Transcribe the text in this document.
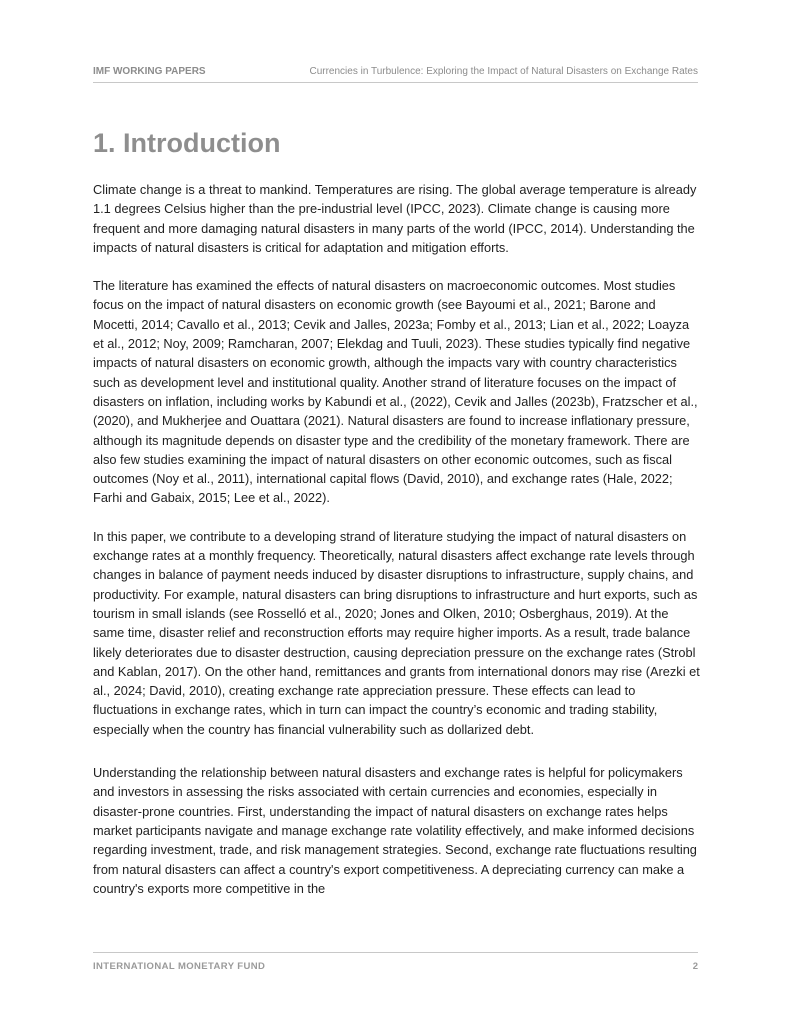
IMF WORKING PAPERS	Currencies in Turbulence: Exploring the Impact of Natural Disasters on Exchange Rates
1. Introduction

Climate change is a threat to mankind. Temperatures are rising. The global average temperature is already 1.1 degrees Celsius higher than the pre-industrial level (IPCC, 2023). Climate change is causing more frequent and more damaging natural disasters in many parts of the world (IPCC, 2014). Understanding the impacts of natural disasters is critical for adaptation and mitigation efforts.

The literature has examined the effects of natural disasters on macroeconomic outcomes. Most studies focus on the impact of natural disasters on economic growth (see Bayoumi et al., 2021; Barone and Mocetti, 2014; Cavallo et al., 2013; Cevik and Jalles, 2023a; Fomby et al., 2013; Lian et al., 2022; Loayza et al., 2012; Noy, 2009; Ramcharan, 2007; Elekdag and Tuuli, 2023). These studies typically find negative impacts of natural disasters on economic growth, although the impacts vary with country characteristics such as development level and institutional quality. Another strand of literature focuses on the impact of disasters on inflation, including works by Kabundi et al., (2022), Cevik and Jalles (2023b), Fratzscher et al., (2020), and Mukherjee and Ouattara (2021). Natural disasters are found to increase inflationary pressure, although its magnitude depends on disaster type and the credibility of the monetary framework. There are also few studies examining the impact of natural disasters on other economic outcomes, such as fiscal outcomes (Noy et al., 2011), international capital flows (David, 2010), and exchange rates (Hale, 2022; Farhi and Gabaix, 2015; Lee et al., 2022).

In this paper, we contribute to a developing strand of literature studying the impact of natural disasters on exchange rates at a monthly frequency. Theoretically, natural disasters affect exchange rate levels through changes in balance of payment needs induced by disaster disruptions to infrastructure, supply chains, and productivity. For example, natural disasters can bring disruptions to infrastructure and hurt exports, such as tourism in small islands (see Rosselló et al., 2020; Jones and Olken, 2010; Osberghaus, 2019). At the same time, disaster relief and reconstruction efforts may require higher imports. As a result, trade balance likely deteriorates due to disaster destruction, causing depreciation pressure on the exchange rates (Strobl and Kablan, 2017). On the other hand, remittances and grants from international donors may rise (Arezki et al., 2024; David, 2010), creating exchange rate appreciation pressure. These effects can lead to fluctuations in exchange rates, which in turn can impact the country’s economic and trading stability, especially when the country has financial vulnerability such as dollarized debt.

Understanding the relationship between natural disasters and exchange rates is helpful for policymakers and investors in assessing the risks associated with certain currencies and economies, especially in disaster-prone countries. First, understanding the impact of natural disasters on exchange rates helps market participants navigate and manage exchange rate volatility effectively, and make informed decisions regarding investment, trade, and risk management strategies. Second, exchange rate fluctuations resulting from natural disasters can affect a country's export competitiveness. A depreciating currency can make a country's exports more competitive in the

INTERNATIONAL MONETARY FUND	2
